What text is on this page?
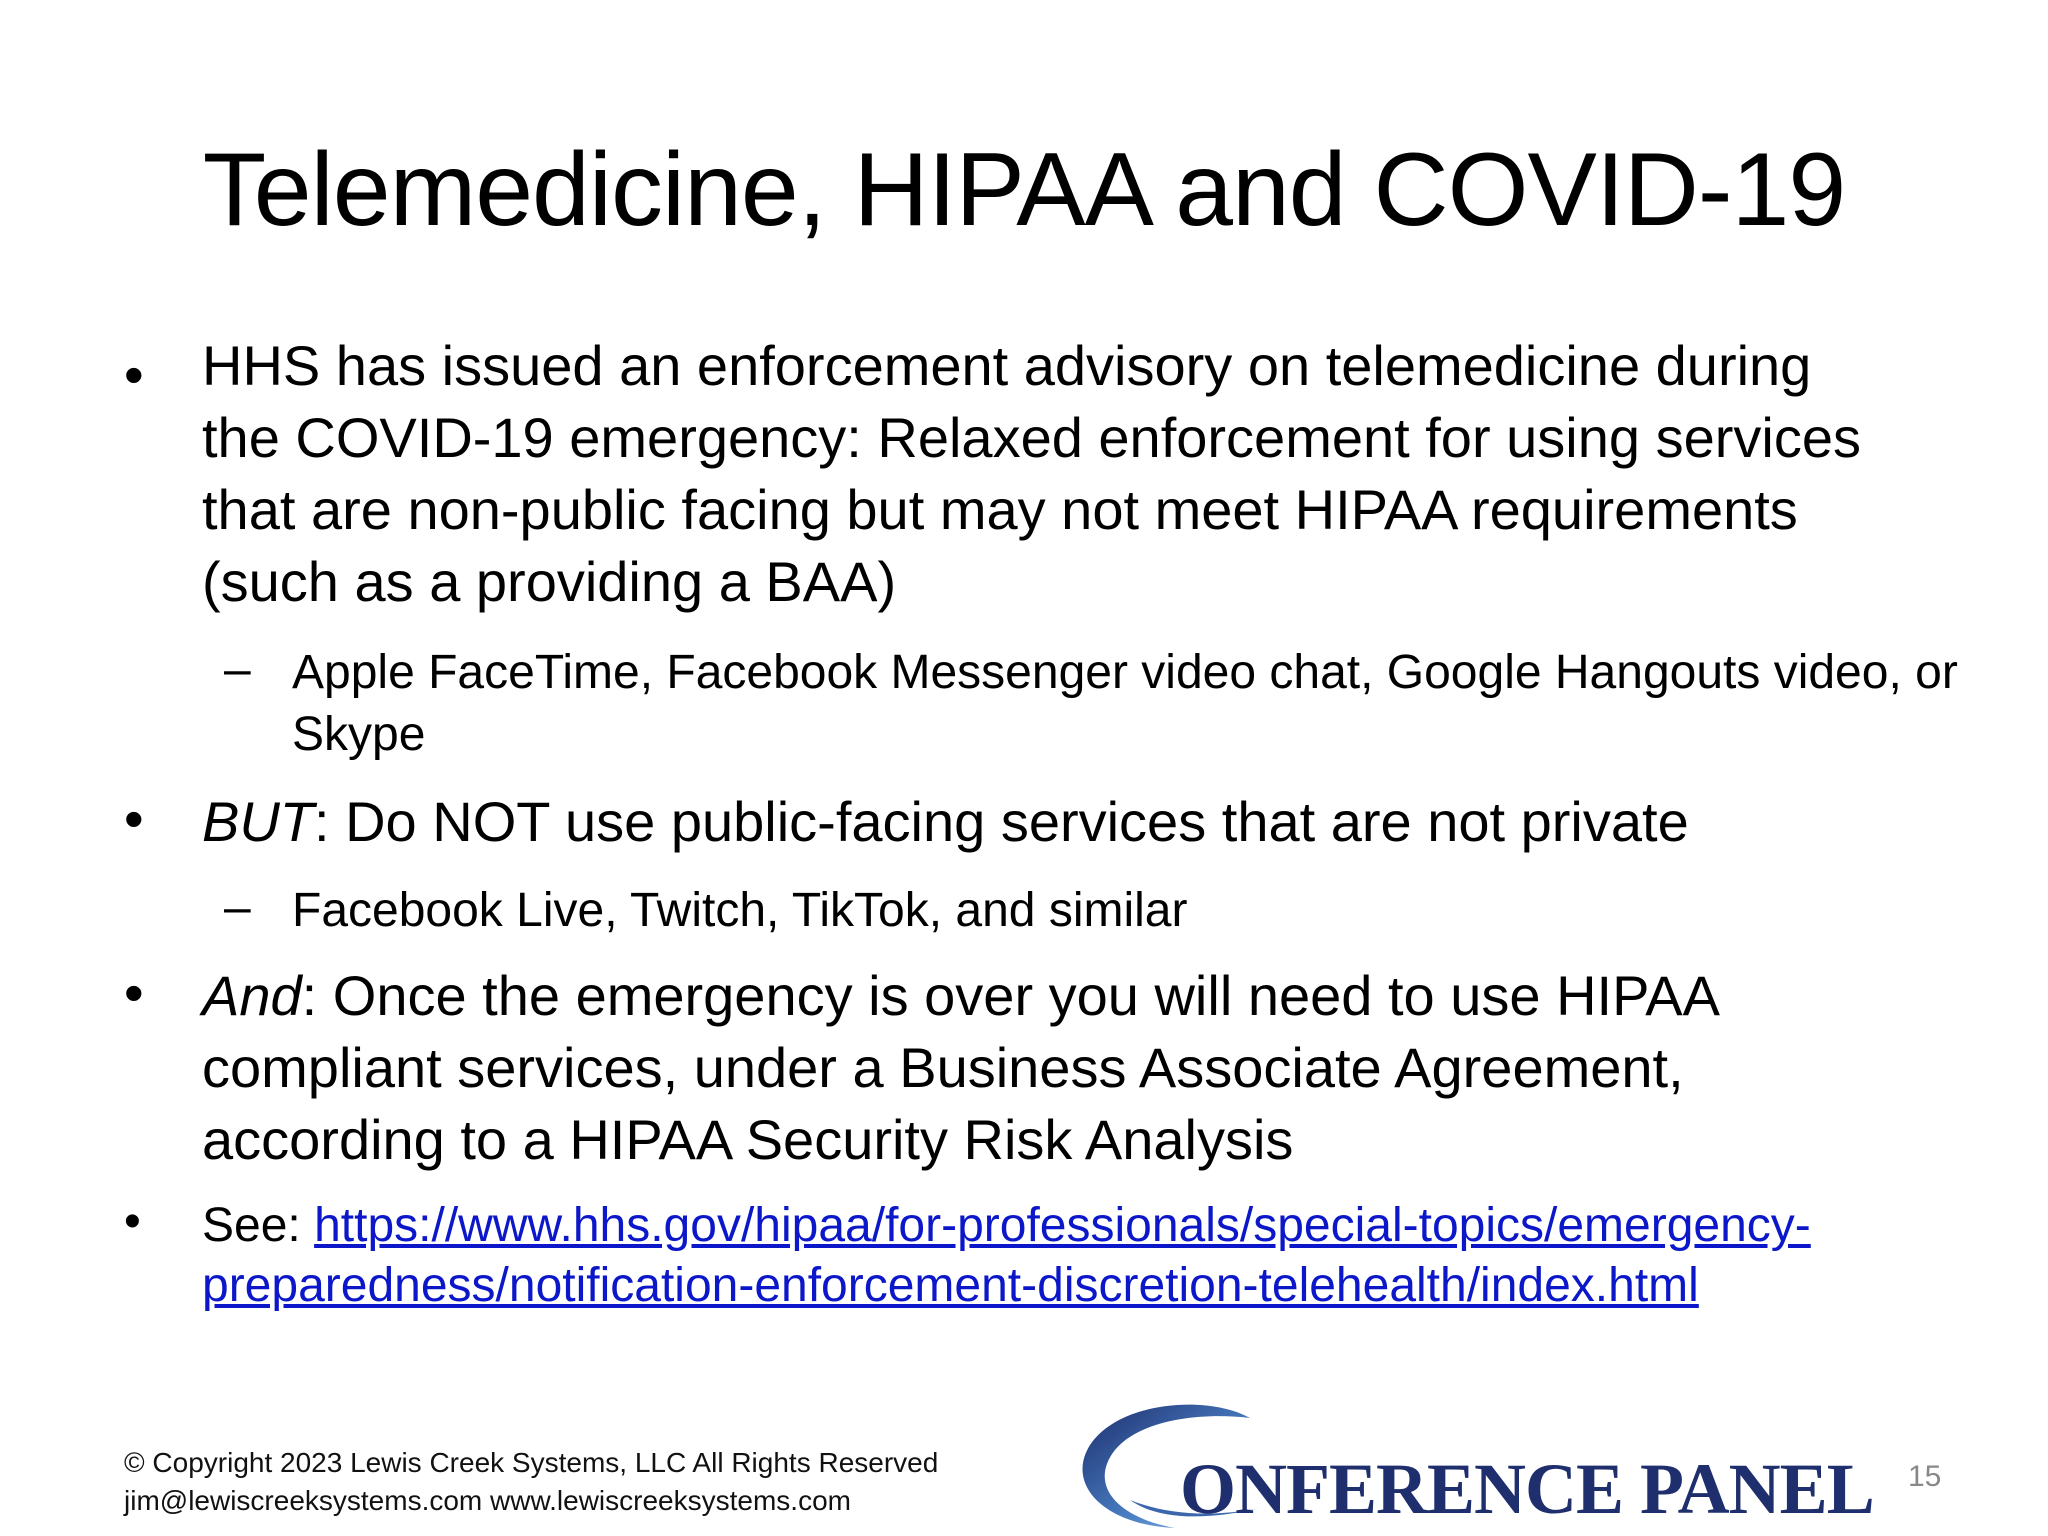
Telemedicine, HIPAA and COVID-19
• HHS has issued an enforcement advisory on telemedicine during the COVID-19 emergency: Relaxed enforcement for using services that are non-public facing but may not meet HIPAA requirements (such as a providing a BAA)

– Apple FaceTime, Facebook Messenger video chat, Google Hangouts video, or Skype

• BUT: Do NOT use public-facing services that are not private

– Facebook Live, Twitch, TikTok, and similar

• And: Once the emergency is over you will need to use HIPAA compliant services, under a Business Associate Agreement, according to a HIPAA Security Risk Analysis

• See: https://www.hhs.gov/hipaa/for-professionals/special-topics/emergency-preparedness/notification-enforcement-discretion-telehealth/index.html

© Copyright 2023 Lewis Creek Systems, LLC All Rights Reserved
jim@lewiscreeksystems.com www.lewiscreeksystems.com	ONFERENCE PANEL 15
